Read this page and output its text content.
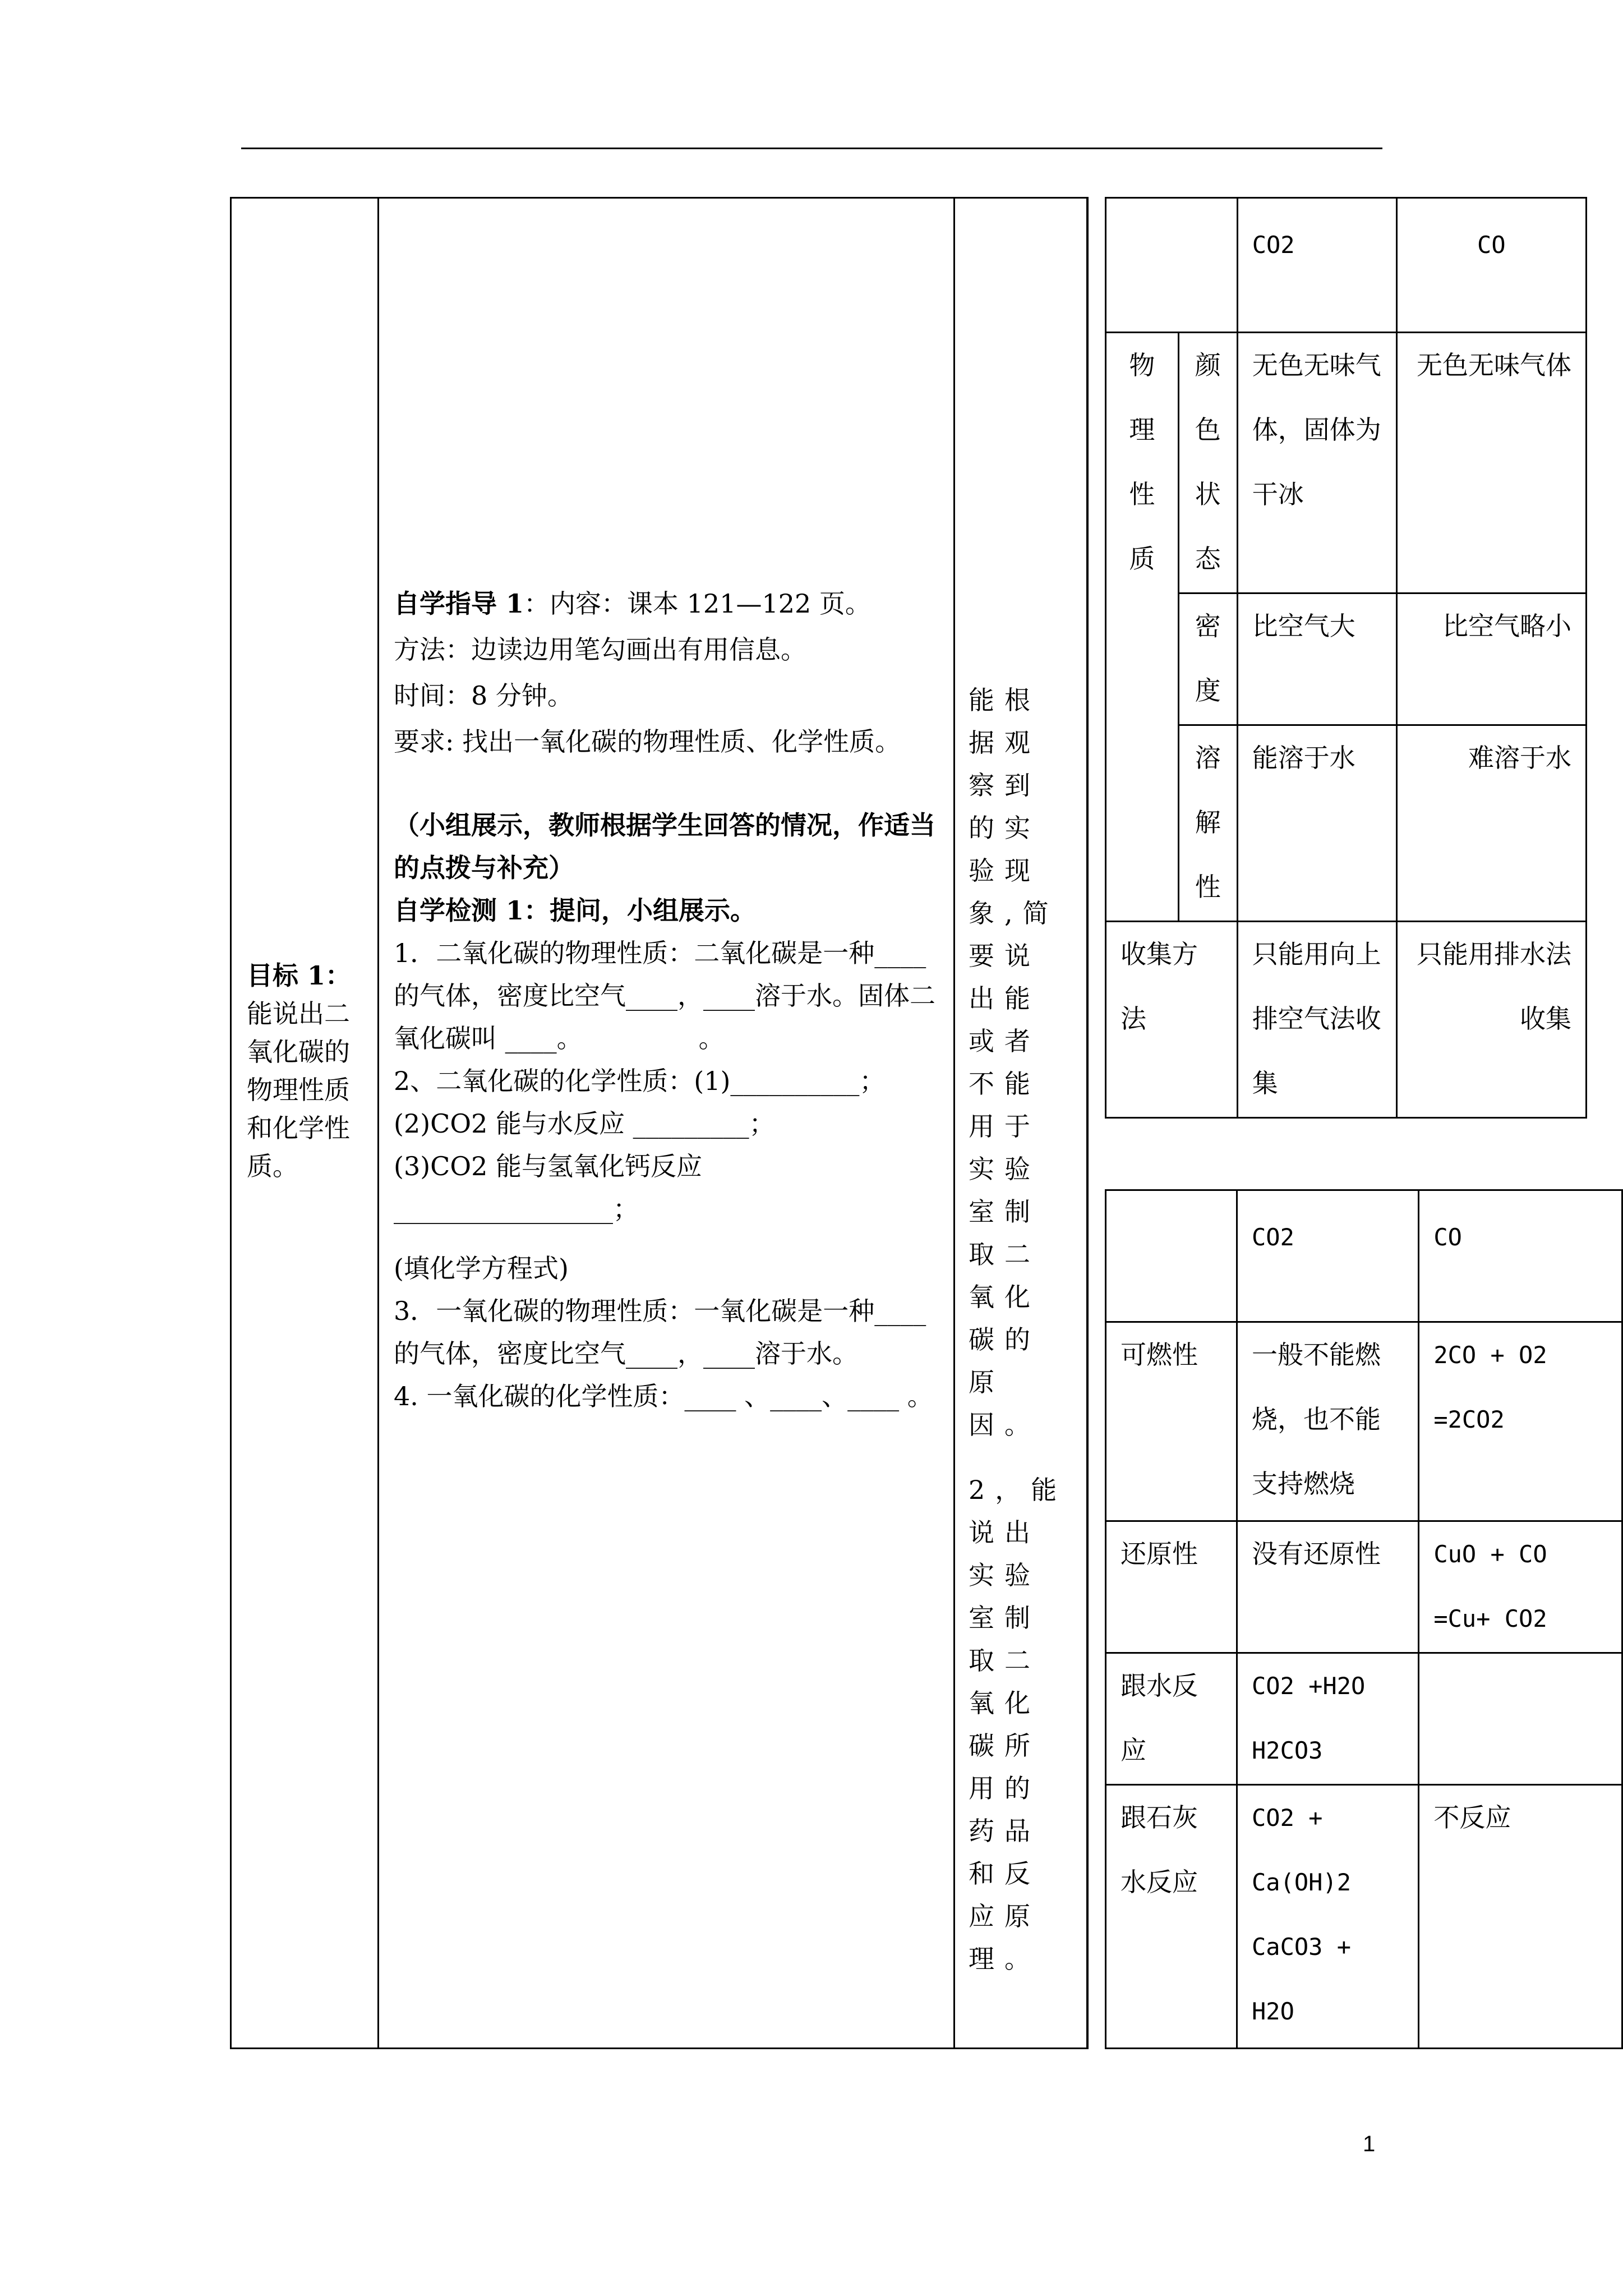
目标 1：
能说出二氧化碳的物理性质和化学性质。

自学指导 1：内容：课本 121—122 页。

方法：边读边用笔勾画出有用信息。

时间：8 分钟。

要求: 找出一氧化碳的物理性质、化学性质。

（小组展示，教师根据学生回答的情况，作适当的点拨与补充）

自学检测 1：提问，小组展示。

1．二氧化碳的物理性质：二氧化碳是一种____的气体，密度比空气____，____溶于水。固体二氧化碳叫 ____。　　　　　。

2、二氧化碳的化学性质：(1)__________；

(2)CO2 能与水反应 _________；

(3)CO2 能与氢氧化钙反应 _________________；

(填化学方程式)

3．一氧化碳的物理性质：一氧化碳是一种____的气体，密度比空气____，____溶于水。

4. 一氧化碳的化学性质：____ 、____、____ 。

能根据观察到的实验现象,简要说出能或者不能用于实验室制取二氧化碳的原因。

2，能说出实验室制取二氧化碳所用的药品和反应原理。

		CO2	CO
物理性质	颜色状态	无色无味气体，固体为干冰	无色无味气体
	密度	比空气大	比空气略小
	溶解性	能溶于水	难溶于水
收集方法		只能用向上排空气法收集	只能用排水法收集
	CO2	CO
可燃性	一般不能燃烧，也不能支持燃烧	2CO + O2 =2CO2
还原性	没有还原性	CuO + CO =Cu+ CO2
跟水反应	CO2 +H2O H2CO3	
跟石灰水反应	CO2 + Ca(OH)2 CaCO3 + H2O	不反应
1
